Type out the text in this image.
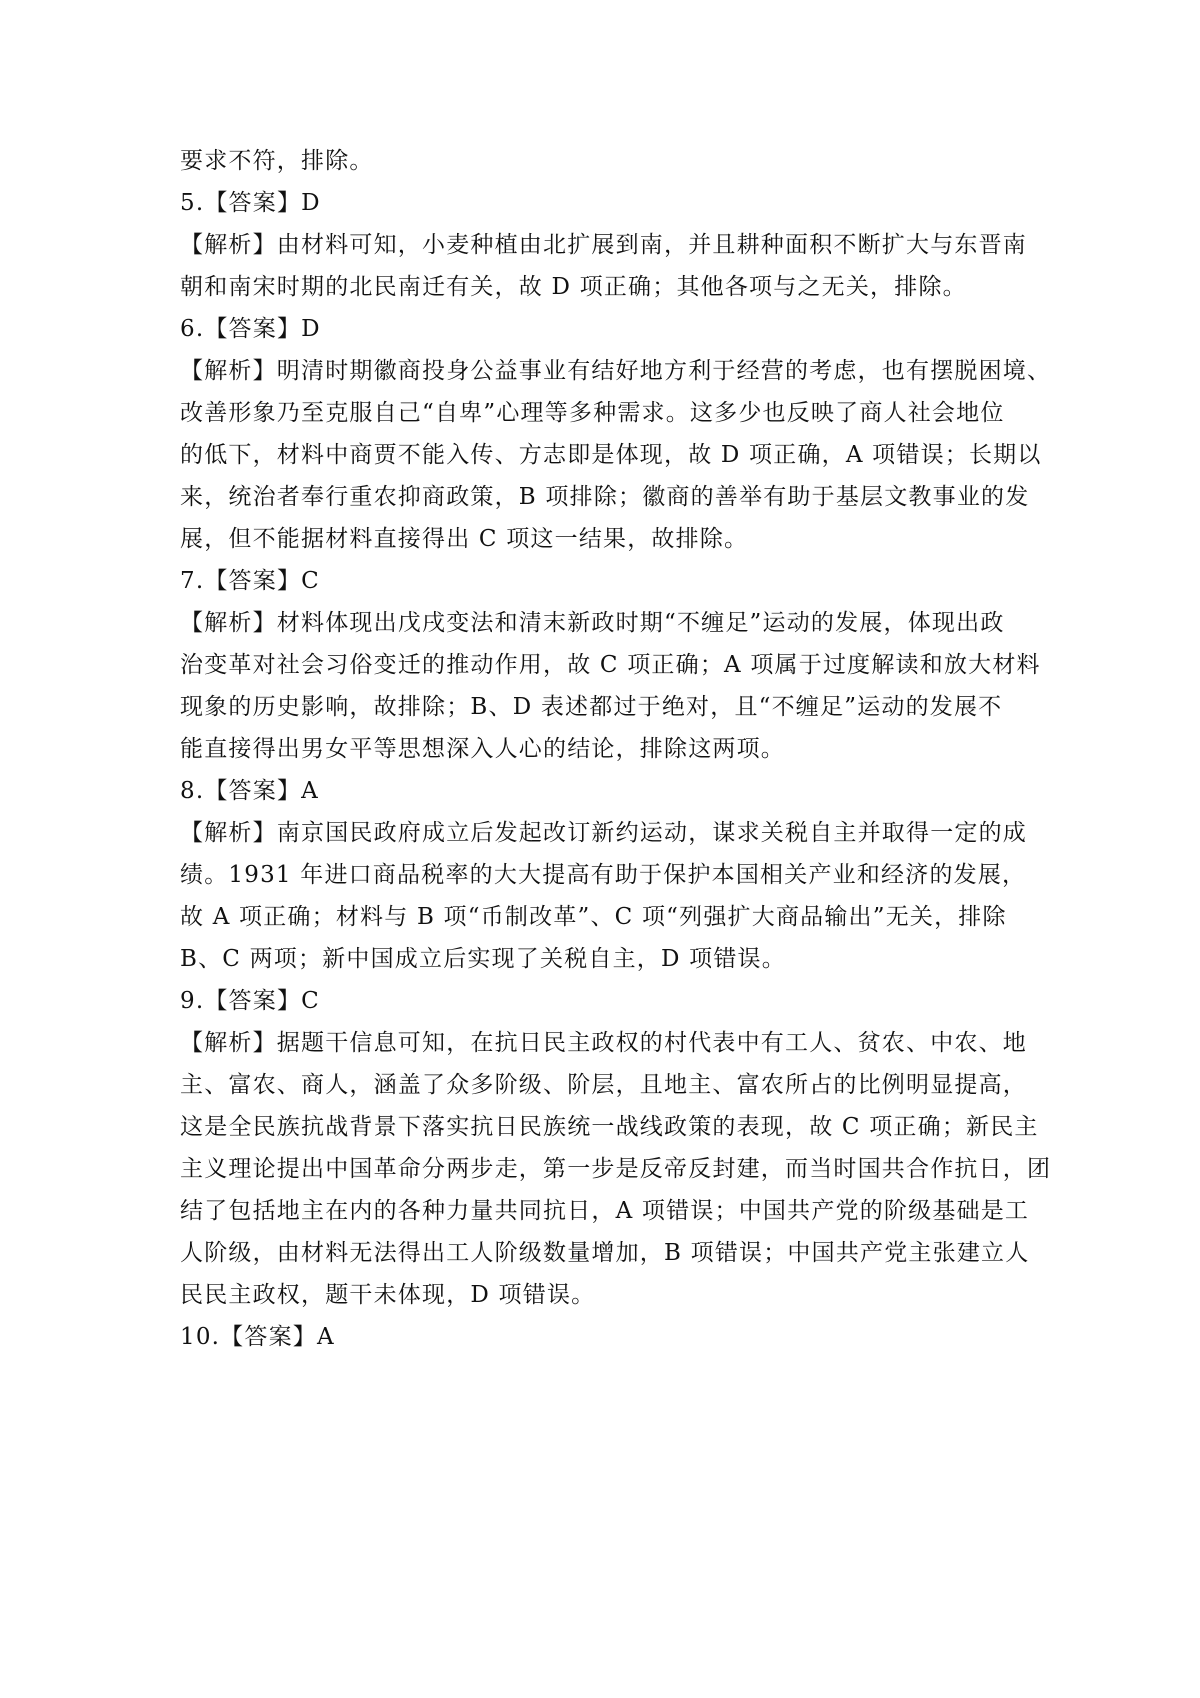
要求不符，排除。
5.【答案】D
【解析】由材料可知，小麦种植由北扩展到南，并且耕种面积不断扩大与东晋南
朝和南宋时期的北民南迁有关，故 D 项正确；其他各项与之无关，排除。
6.【答案】D
【解析】明清时期徽商投身公益事业有结好地方利于经营的考虑，也有摆脱困境、
改善形象乃至克服自己“自卑”心理等多种需求。这多少也反映了商人社会地位
的低下，材料中商贾不能入传、方志即是体现，故 D 项正确，A 项错误；长期以
来，统治者奉行重农抑商政策，B 项排除；徽商的善举有助于基层文教事业的发
展，但不能据材料直接得出 C 项这一结果，故排除。
7.【答案】C
【解析】材料体现出戊戌变法和清末新政时期“不缠足”运动的发展，体现出政
治变革对社会习俗变迁的推动作用，故 C 项正确；A 项属于过度解读和放大材料
现象的历史影响，故排除；B、D 表述都过于绝对，且“不缠足”运动的发展不
能直接得出男女平等思想深入人心的结论，排除这两项。
8.【答案】A
【解析】南京国民政府成立后发起改订新约运动，谋求关税自主并取得一定的成
绩。1931 年进口商品税率的大大提高有助于保护本国相关产业和经济的发展，
故 A 项正确；材料与 B 项“币制改革”、C 项“列强扩大商品输出”无关，排除
B、C 两项；新中国成立后实现了关税自主，D 项错误。
9.【答案】C
【解析】据题干信息可知，在抗日民主政权的村代表中有工人、贫农、中农、地
主、富农、商人，涵盖了众多阶级、阶层，且地主、富农所占的比例明显提高，
这是全民族抗战背景下落实抗日民族统一战线政策的表现，故 C 项正确；新民主
主义理论提出中国革命分两步走，第一步是反帝反封建，而当时国共合作抗日，团
结了包括地主在内的各种力量共同抗日，A 项错误；中国共产党的阶级基础是工
人阶级，由材料无法得出工人阶级数量增加，B 项错误；中国共产党主张建立人
民民主政权，题干未体现，D 项错误。
10.【答案】A
